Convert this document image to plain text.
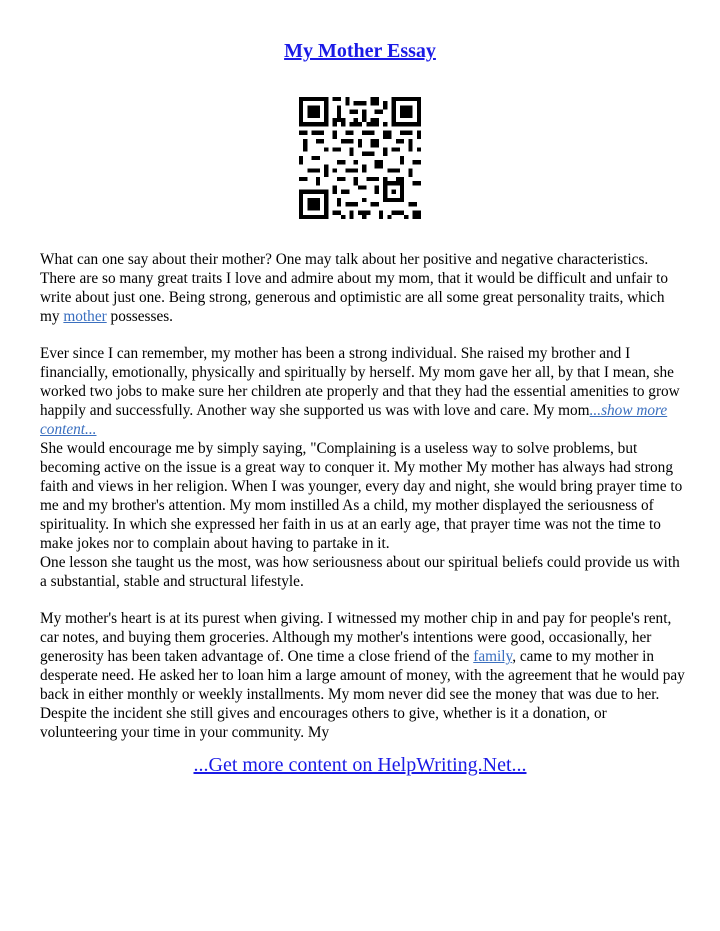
My Mother Essay

What can one say about their mother? One may talk about her positive and negative characteristics. There are so many great traits I love and admire about my mom, that it would be difficult and unfair to write about just one. Being strong, generous and optimistic are all some great personality traits, which my mother possesses.

Ever since I can remember, my mother has been a strong individual. She raised my brother and I financially, emotionally, physically and spiritually by herself. My mom gave her all, by that I mean, she worked two jobs to make sure her children ate properly and that they had the essential amenities to grow happily and successfully. Another way she supported us was with love and care. My mom...show more content...

She would encourage me by simply saying, "Complaining is a useless way to solve problems, but becoming active on the issue is a great way to conquer it. My mother My mother has always had strong faith and views in her religion. When I was younger, every day and night, she would bring prayer time to me and my brother's attention. My mom instilled As a child, my mother displayed the seriousness of spirituality. In which she expressed her faith in us at an early age, that prayer time was not the time to make jokes nor to complain about having to partake in it.

One lesson she taught us the most, was how seriousness about our spiritual beliefs could provide us with a substantial, stable and structural lifestyle.

My mother's heart is at its purest when giving. I witnessed my mother chip in and pay for people's rent, car notes, and buying them groceries. Although my mother's intentions were good, occasionally, her generosity has been taken advantage of. One time a close friend of the family, came to my mother in desperate need. He asked her to loan him a large amount of money, with the agreement that he would pay back in either monthly or weekly installments. My mom never did see the money that was due to her. Despite the incident she still gives and encourages others to give, whether is it a donation, or volunteering your time in your community. My

...Get more content on HelpWriting.Net...
